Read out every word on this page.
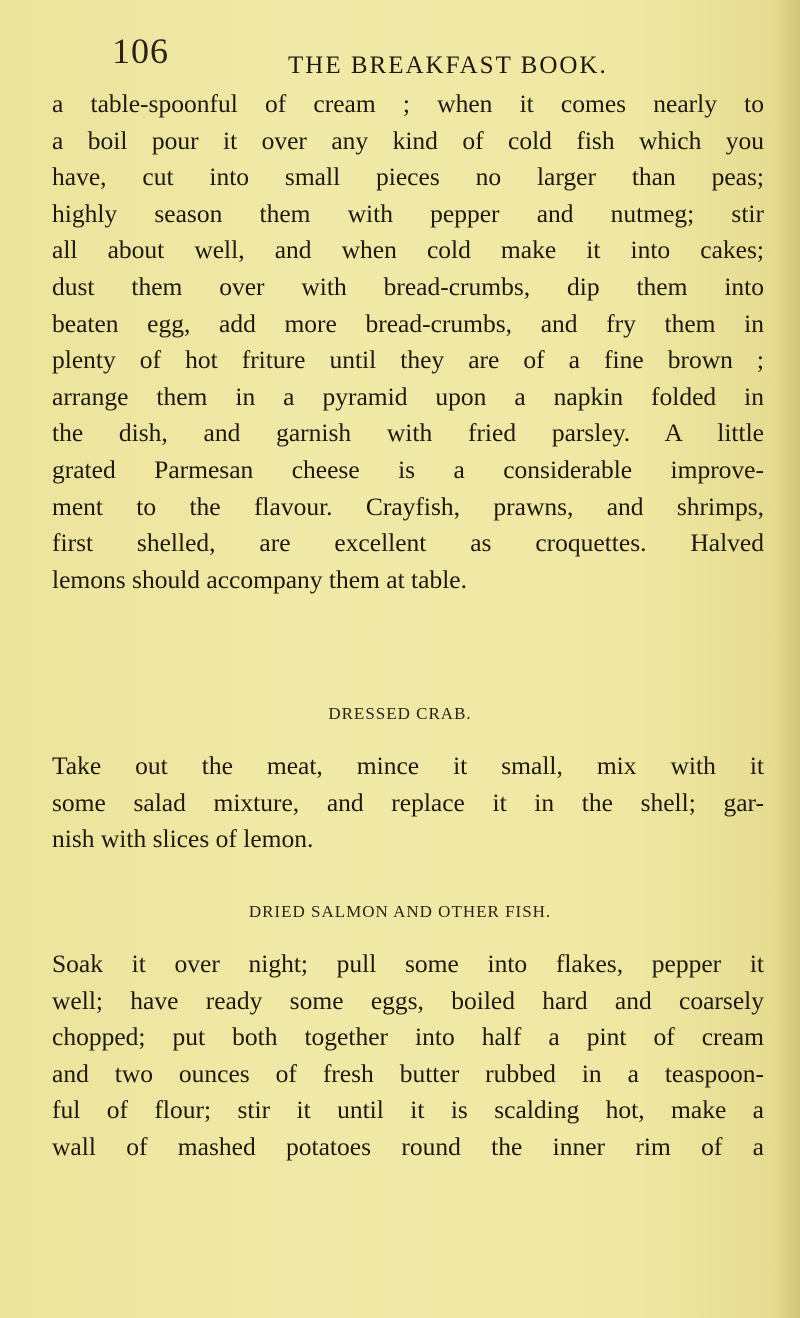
106	THE BREAKFAST BOOK.
a table-spoonful of cream ; when it comes nearly to
a boil pour it over any kind of cold fish which you
have, cut into small pieces no larger than peas;
highly season them with pepper and nutmeg; stir
all about well, and when cold make it into cakes;
dust them over with bread-crumbs, dip them into
beaten egg, add more bread-crumbs, and fry them in
plenty of hot friture until they are of a fine brown ;
arrange them in a pyramid upon a napkin folded in
the dish, and garnish with fried parsley. A little
grated Parmesan cheese is a considerable improve-
ment to the flavour. Crayfish, prawns, and shrimps,
first shelled, are excellent as croquettes. Halved
lemons should accompany them at table.
DRESSED CRAB.
Take out the meat, mince it small, mix with it
some salad mixture, and replace it in the shell; gar-
nish with slices of lemon.
DRIED SALMON AND OTHER FISH.
Soak it over night; pull some into flakes, pepper it
well; have ready some eggs, boiled hard and coarsely
chopped; put both together into half a pint of cream
and two ounces of fresh butter rubbed in a teaspoon-
ful of flour; stir it until it is scalding hot, make a
wall of mashed potatoes round the inner rim of a
